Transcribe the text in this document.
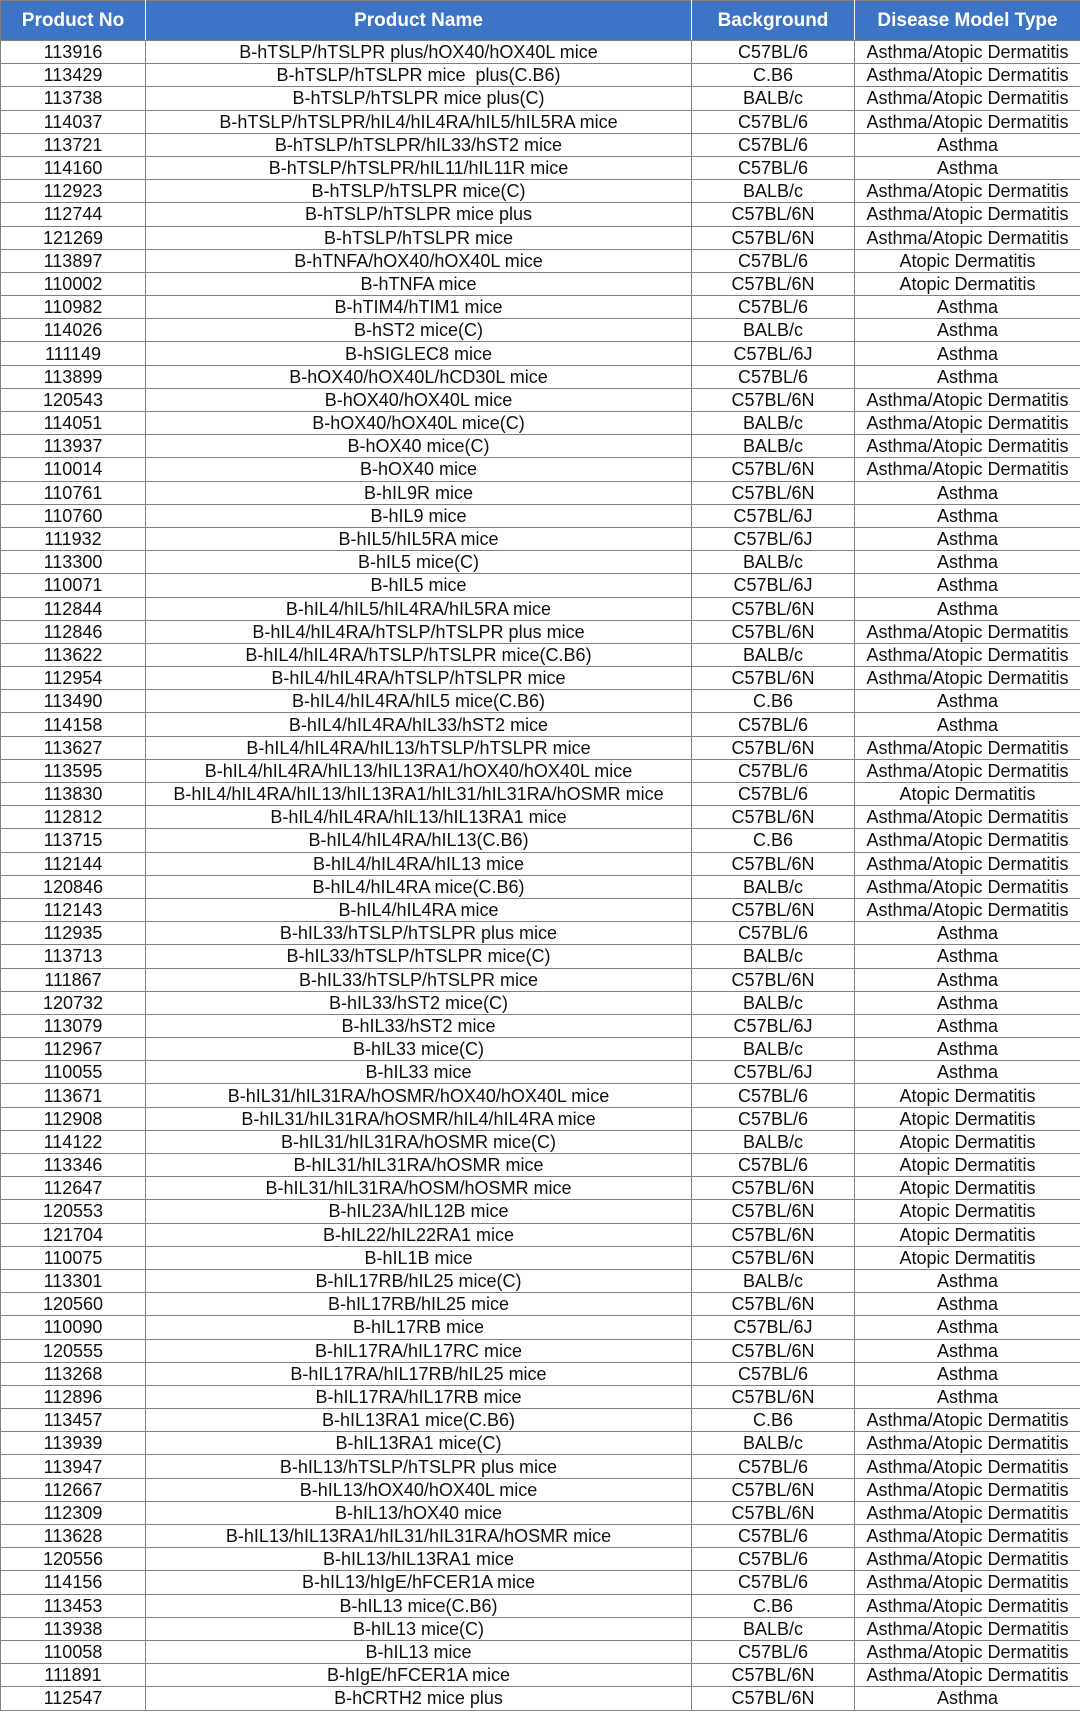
Product No	Product Name	Background	Disease Model Type
113916	B-hTSLP/hTSLPR plus/hOX40/hOX40L mice	C57BL/6	Asthma/Atopic Dermatitis
113429	B-hTSLP/hTSLPR mice  plus(C.B6)	C.B6	Asthma/Atopic Dermatitis
113738	B-hTSLP/hTSLPR mice plus(C)	BALB/c	Asthma/Atopic Dermatitis
114037	B-hTSLP/hTSLPR/hIL4/hIL4RA/hIL5/hIL5RA mice	C57BL/6	Asthma/Atopic Dermatitis
113721	B-hTSLP/hTSLPR/hIL33/hST2 mice	C57BL/6	Asthma
114160	B-hTSLP/hTSLPR/hIL11/hIL11R mice	C57BL/6	Asthma
112923	B-hTSLP/hTSLPR mice(C)	BALB/c	Asthma/Atopic Dermatitis
112744	B-hTSLP/hTSLPR mice plus	C57BL/6N	Asthma/Atopic Dermatitis
121269	B-hTSLP/hTSLPR mice	C57BL/6N	Asthma/Atopic Dermatitis
113897	B-hTNFA/hOX40/hOX40L mice	C57BL/6	Atopic Dermatitis
110002	B-hTNFA mice	C57BL/6N	Atopic Dermatitis
110982	B-hTIM4/hTIM1 mice	C57BL/6	Asthma
114026	B-hST2 mice(C)	BALB/c	Asthma
111149	B-hSIGLEC8 mice	C57BL/6J	Asthma
113899	B-hOX40/hOX40L/hCD30L mice	C57BL/6	Asthma
120543	B-hOX40/hOX40L mice	C57BL/6N	Asthma/Atopic Dermatitis
114051	B-hOX40/hOX40L mice(C)	BALB/c	Asthma/Atopic Dermatitis
113937	B-hOX40 mice(C)	BALB/c	Asthma/Atopic Dermatitis
110014	B-hOX40 mice	C57BL/6N	Asthma/Atopic Dermatitis
110761	B-hIL9R mice	C57BL/6N	Asthma
110760	B-hIL9 mice	C57BL/6J	Asthma
111932	B-hIL5/hIL5RA mice	C57BL/6J	Asthma
113300	B-hIL5 mice(C)	BALB/c	Asthma
110071	B-hIL5 mice	C57BL/6J	Asthma
112844	B-hIL4/hIL5/hIL4RA/hIL5RA mice	C57BL/6N	Asthma
112846	B-hIL4/hIL4RA/hTSLP/hTSLPR plus mice	C57BL/6N	Asthma/Atopic Dermatitis
113622	B-hIL4/hIL4RA/hTSLP/hTSLPR mice(C.B6)	BALB/c	Asthma/Atopic Dermatitis
112954	B-hIL4/hIL4RA/hTSLP/hTSLPR mice	C57BL/6N	Asthma/Atopic Dermatitis
113490	B-hIL4/hIL4RA/hIL5 mice(C.B6)	C.B6	Asthma
114158	B-hIL4/hIL4RA/hIL33/hST2 mice	C57BL/6	Asthma
113627	B-hIL4/hIL4RA/hIL13/hTSLP/hTSLPR mice	C57BL/6N	Asthma/Atopic Dermatitis
113595	B-hIL4/hIL4RA/hIL13/hIL13RA1/hOX40/hOX40L mice	C57BL/6	Asthma/Atopic Dermatitis
113830	B-hIL4/hIL4RA/hIL13/hIL13RA1/hIL31/hIL31RA/hOSMR mice	C57BL/6	Atopic Dermatitis
112812	B-hIL4/hIL4RA/hIL13/hIL13RA1 mice	C57BL/6N	Asthma/Atopic Dermatitis
113715	B-hIL4/hIL4RA/hIL13(C.B6)	C.B6	Asthma/Atopic Dermatitis
112144	B-hIL4/hIL4RA/hIL13 mice	C57BL/6N	Asthma/Atopic Dermatitis
120846	B-hIL4/hIL4RA mice(C.B6)	BALB/c	Asthma/Atopic Dermatitis
112143	B-hIL4/hIL4RA mice	C57BL/6N	Asthma/Atopic Dermatitis
112935	B-hIL33/hTSLP/hTSLPR plus mice	C57BL/6	Asthma
113713	B-hIL33/hTSLP/hTSLPR mice(C)	BALB/c	Asthma
111867	B-hIL33/hTSLP/hTSLPR mice	C57BL/6N	Asthma
120732	B-hIL33/hST2 mice(C)	BALB/c	Asthma
113079	B-hIL33/hST2 mice	C57BL/6J	Asthma
112967	B-hIL33 mice(C)	BALB/c	Asthma
110055	B-hIL33 mice	C57BL/6J	Asthma
113671	B-hIL31/hIL31RA/hOSMR/hOX40/hOX40L mice	C57BL/6	Atopic Dermatitis
112908	B-hIL31/hIL31RA/hOSMR/hIL4/hIL4RA mice	C57BL/6	Atopic Dermatitis
114122	B-hIL31/hIL31RA/hOSMR mice(C)	BALB/c	Atopic Dermatitis
113346	B-hIL31/hIL31RA/hOSMR mice	C57BL/6	Atopic Dermatitis
112647	B-hIL31/hIL31RA/hOSM/hOSMR mice	C57BL/6N	Atopic Dermatitis
120553	B-hIL23A/hIL12B mice	C57BL/6N	Atopic Dermatitis
121704	B-hIL22/hIL22RA1 mice	C57BL/6N	Atopic Dermatitis
110075	B-hIL1B mice	C57BL/6N	Atopic Dermatitis
113301	B-hIL17RB/hIL25 mice(C)	BALB/c	Asthma
120560	B-hIL17RB/hIL25 mice	C57BL/6N	Asthma
110090	B-hIL17RB mice	C57BL/6J	Asthma
120555	B-hIL17RA/hIL17RC mice	C57BL/6N	Asthma
113268	B-hIL17RA/hIL17RB/hIL25 mice	C57BL/6	Asthma
112896	B-hIL17RA/hIL17RB mice	C57BL/6N	Asthma
113457	B-hIL13RA1 mice(C.B6)	C.B6	Asthma/Atopic Dermatitis
113939	B-hIL13RA1 mice(C)	BALB/c	Asthma/Atopic Dermatitis
113947	B-hIL13/hTSLP/hTSLPR plus mice	C57BL/6	Asthma/Atopic Dermatitis
112667	B-hIL13/hOX40/hOX40L mice	C57BL/6N	Asthma/Atopic Dermatitis
112309	B-hIL13/hOX40 mice	C57BL/6N	Asthma/Atopic Dermatitis
113628	B-hIL13/hIL13RA1/hIL31/hIL31RA/hOSMR mice	C57BL/6	Asthma/Atopic Dermatitis
120556	B-hIL13/hIL13RA1 mice	C57BL/6	Asthma/Atopic Dermatitis
114156	B-hIL13/hIgE/hFCER1A mice	C57BL/6	Asthma/Atopic Dermatitis
113453	B-hIL13 mice(C.B6)	C.B6	Asthma/Atopic Dermatitis
113938	B-hIL13 mice(C)	BALB/c	Asthma/Atopic Dermatitis
110058	B-hIL13 mice	C57BL/6	Asthma/Atopic Dermatitis
111891	B-hIgE/hFCER1A mice	C57BL/6N	Asthma/Atopic Dermatitis
112547	B-hCRTH2 mice plus	C57BL/6N	Asthma
